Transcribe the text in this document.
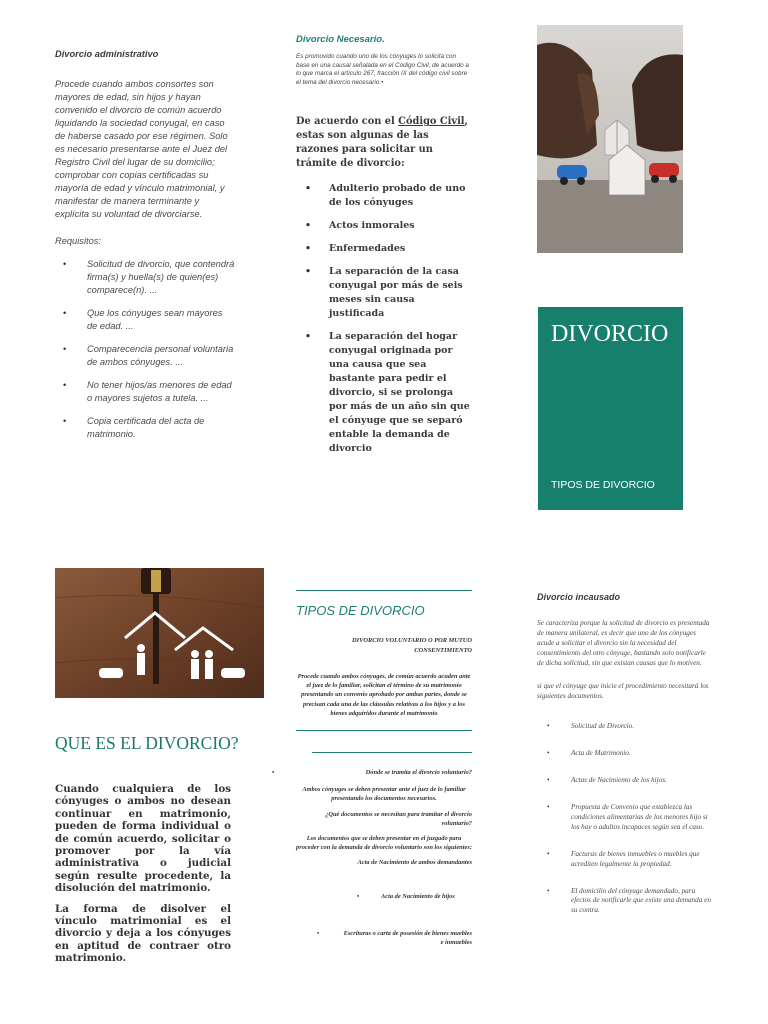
Divorcio administrativo
Procede cuando ambos consortes son mayores de edad, sin hijos y hayan convenido el divorcio de común acuerdo liquidando la sociedad conyugal, en caso de haberse casado por ese régimen. Solo es necesario presentarse ante el Juez del Registro Civil del lugar de su domicilio; comprobar con copias certificadas su mayoría de edad y vínculo matrimonial, y manifestar de manera terminante y explícita su voluntad de divorciarse.
Requisitos:
• Solicitud de divorcio, que contendrá firma(s) y huella(s) de quien(es) comparece(n). ...
• Que los cónyuges sean mayores de edad. ...
• Comparecencia personal voluntaria de ambos cónyuges. ...
• No tener hijos/as menores de edad o mayores sujetos a tutela. ...
• Copia certificada del acta de matrimonio.
Divorcio Necesario.
Es promovido cuando uno de los cónyuges lo solicita con base en una causal señalada en el Código Civil, de acuerdo a lo que marca el artículo 267, fracción IX del código civil sobre el tema del divorcio necesario.•
De acuerdo con el Código Civil, estas son algunas de las razones para solicitar un trámite de divorcio:
• Adulterio probado de uno de los cónyuges
• Actos inmorales
• Enfermedades
• La separación de la casa conyugal por más de seis meses sin causa justificada
• La separación del hogar conyugal originada por una causa que sea bastante para pedir el divorcio, si se prolonga por más de un año sin que el cónyuge que se separó entable la demanda de divorcio
DIVORCIO
TIPOS DE DIVORCIO
QUE ES EL DIVORCIO?

Cuando cualquiera de los cónyuges o ambos no desean continuar en matrimonio, pueden de forma individual o de común acuerdo, solicitar o promover por la vía administrativa o judicial según resulte procedente, la disolución del matrimonio.

La forma de disolver el vínculo matrimonial es el divorcio y deja a los cónyuges en aptitud de contraer otro matrimonio.

TIPOS DE DIVORCIO
DIVORCIO VOLUNTARIO O POR MUTUO CONSENTIMIENTO
Procede cuando ambos cónyuges, de común acuerdo acuden ante el juez de lo familiar, solicitan el término de su matrimonio presentando un convenio aprobado por ambas partes, donde se precisan cada una de las cláusulas relativas a los hijos y a los bienes adquiridos durante el matrimonio
• Dónde se tramita el divorcio voluntario?
Ambos cónyuges se deben presentar ante el juez de lo familiar presentando los documentos necesarios.
¿Qué documentos se necesitan para tramitar el divorcio voluntario?
Los documentos que se deben presentar en el juzgado para proceder con la demanda de divorcio voluntario son los siguientes:
Acta de Nacimiento de ambos demandantes
• Acta de Nacimiento de hijos
• Escrituras o carta de posesión de bienes muebles e inmuebles
Divorcio incausado
Se caracteriza porque la solicitud de divorcio es presentada de manera unilateral, es decir que uno de los cónyuges acude a solicitar el divorcio sin la necesidad del consentimiento del otro cónyuge, bastando solo notificarle de dicha solicitud, sin que existan causas que lo motiven.
si que el cónyuge que inicie el procedimiento necesitará los siguientes documentos.
• Solicitud de Divorcio.
• Acta de Matrimonio.
• Actas de Nacimiento de los hijos.
• Propuesta de Convenio que establezca las condiciones alimentarias de los menores hijo si los hay o adultos incapaces según sea el caso.
• Facturas de bienes inmuebles o muebles que acrediten legalmente la propiedad.
• El domicilio del cónyuge demandado, para efectos de notificarle que existe una demanda en su contra.
